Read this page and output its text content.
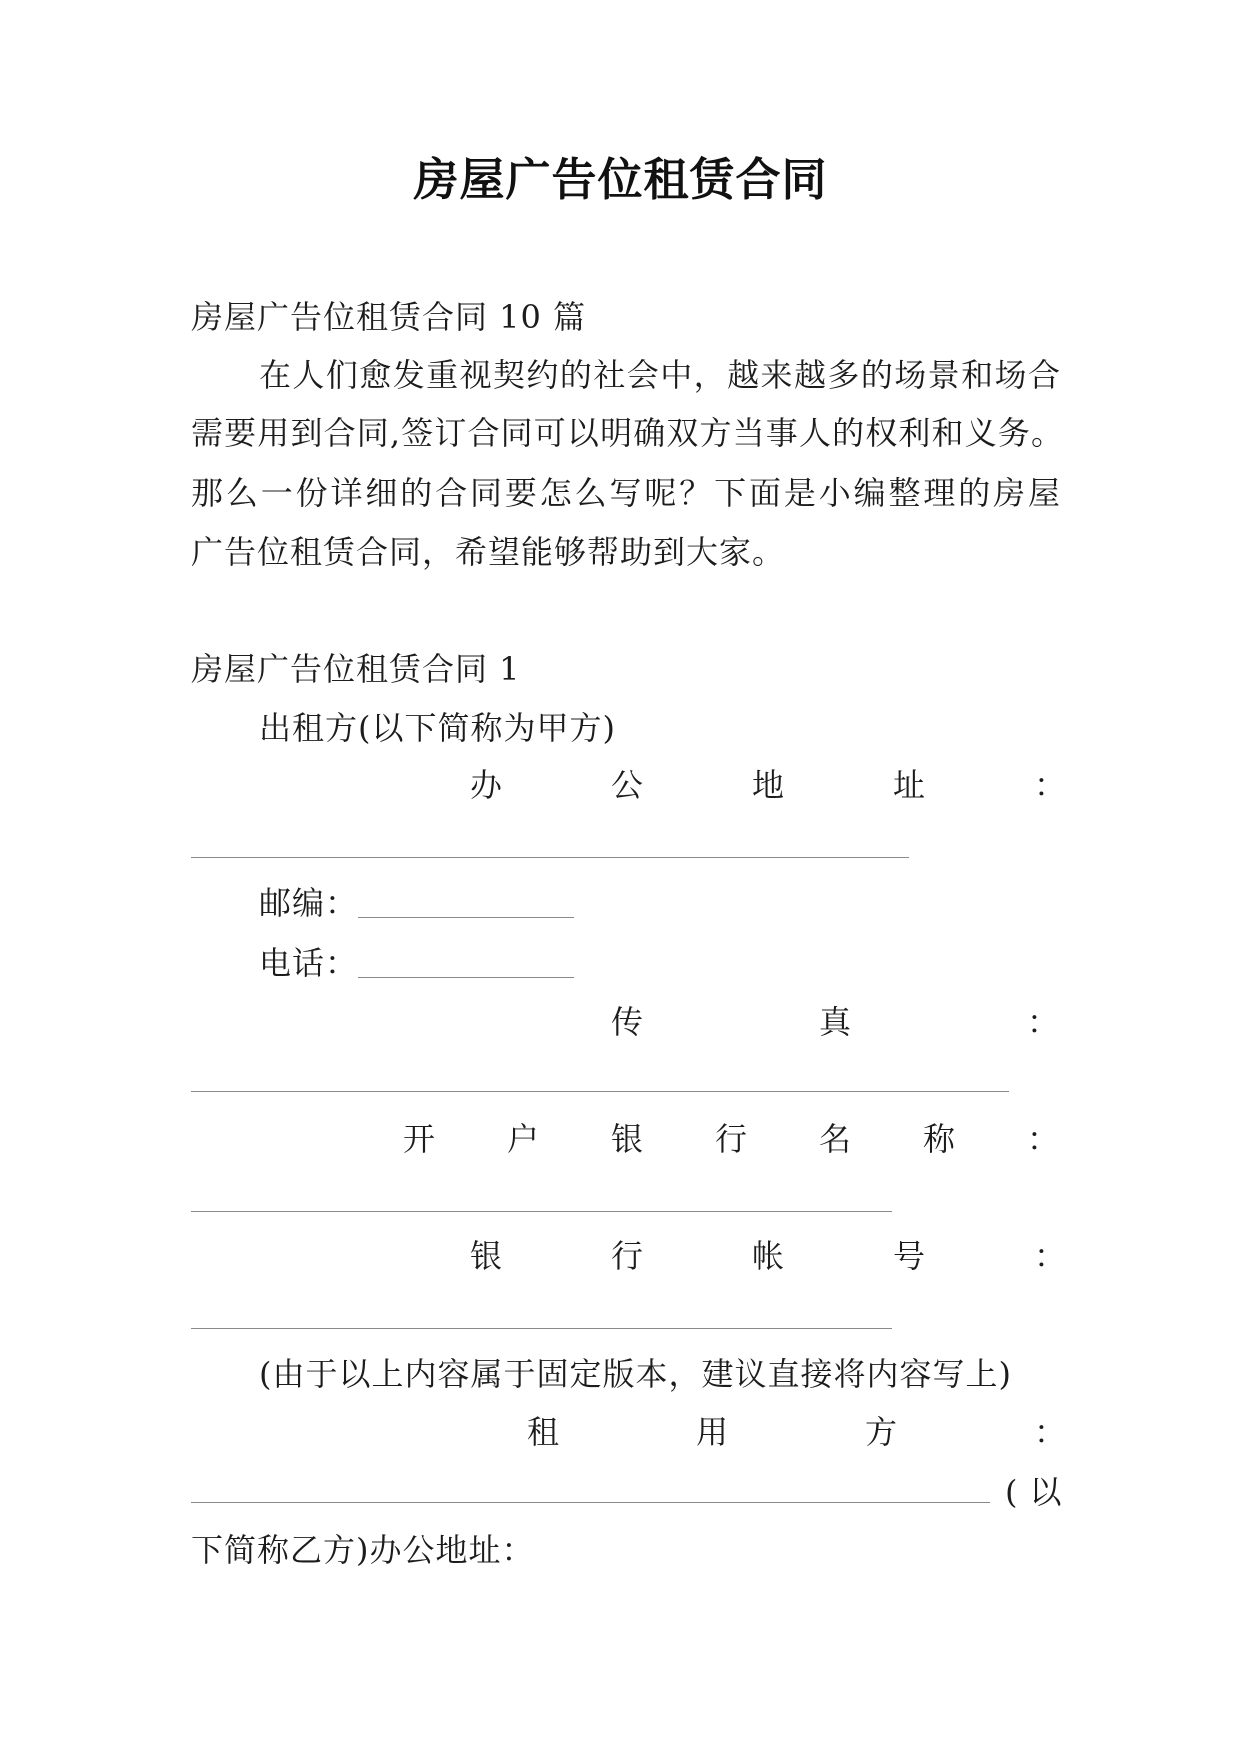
房屋广告位租赁合同
房屋广告位租赁合同 10 篇
在人们愈发重视契约的社会中，越来越多的场景和场合
需要用到合同,签订合同可以明确双方当事人的权利和义务。
那么一份详细的合同要怎么写呢？下面是小编整理的房屋
广告位租赁合同，希望能够帮助到大家。
房屋广告位租赁合同 1
出租方(以下简称为甲方)
办公地址：
邮编：
电话：
传真：
开户银行名称：
银行帐号：
(由于以上内容属于固定版本，建议直接将内容写上)
租用方：
(以
下简称乙方)办公地址：
